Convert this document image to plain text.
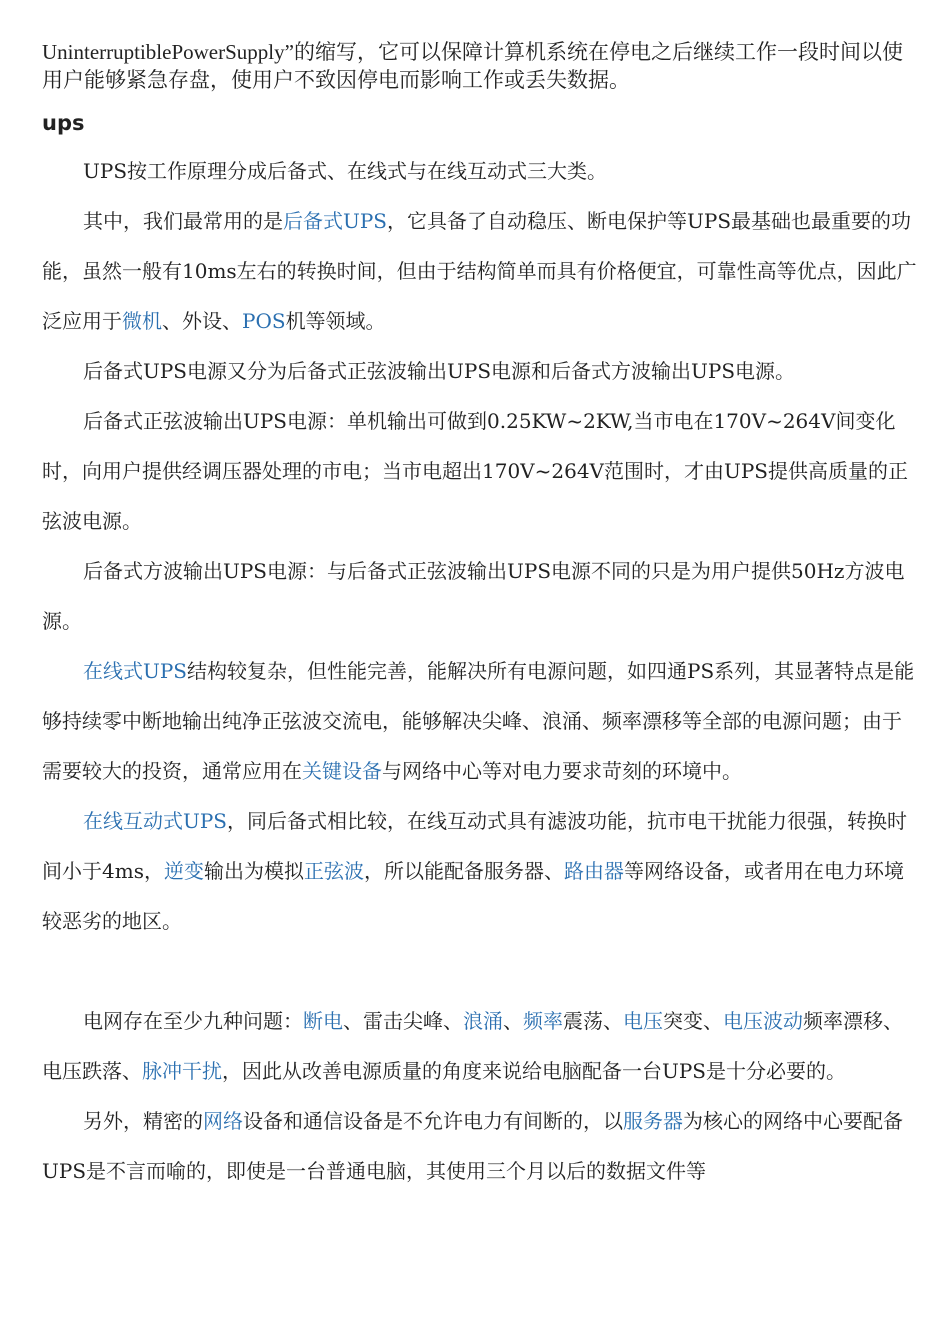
UninterruptiblePowerSupply”的缩写，它可以保障计算机系统在停电之后继续工作一段时间以使用户能够紧急存盘，使用户不致因停电而影响工作或丢失数据。

ups

UPS按工作原理分成后备式、在线式与在线互动式三大类。

其中，我们最常用的是后备式UPS，它具备了自动稳压、断电保护等UPS最基础也最重要的功能，虽然一般有10ms左右的转换时间，但由于结构简单而具有价格便宜，可靠性高等优点，因此广泛应用于微机、外设、POS机等领域。

后备式UPS电源又分为后备式正弦波输出UPS电源和后备式方波输出UPS电源。

后备式正弦波输出UPS电源：单机输出可做到0.25KW~2KW,当市电在170V~264V间变化时，向用户提供经调压器处理的市电；当市电超出170V~264V范围时，才由UPS提供高质量的正弦波电源。

后备式方波输出UPS电源：与后备式正弦波输出UPS电源不同的只是为用户提供50Hz方波电源。

在线式UPS结构较复杂，但性能完善，能解决所有电源问题，如四通PS系列，其显著特点是能够持续零中断地输出纯净正弦波交流电，能够解决尖峰、浪涌、频率漂移等全部的电源问题；由于需要较大的投资，通常应用在关键设备与网络中心等对电力要求苛刻的环境中。

在线互动式UPS，同后备式相比较，在线互动式具有滤波功能，抗市电干扰能力很强，转换时间小于4ms，逆变输出为模拟正弦波，所以能配备服务器、路由器等网络设备，或者用在电力环境较恶劣的地区。

电网存在至少九种问题：断电、雷击尖峰、浪涌、频率震荡、电压突变、电压波动频率漂移、电压跌落、脉冲干扰，因此从改善电源质量的角度来说给电脑配备一台UPS是十分必要的。

另外，精密的网络设备和通信设备是不允许电力有间断的，以服务器为核心的网络中心要配备UPS是不言而喻的，即使是一台普通电脑，其使用三个月以后的数据文件等
